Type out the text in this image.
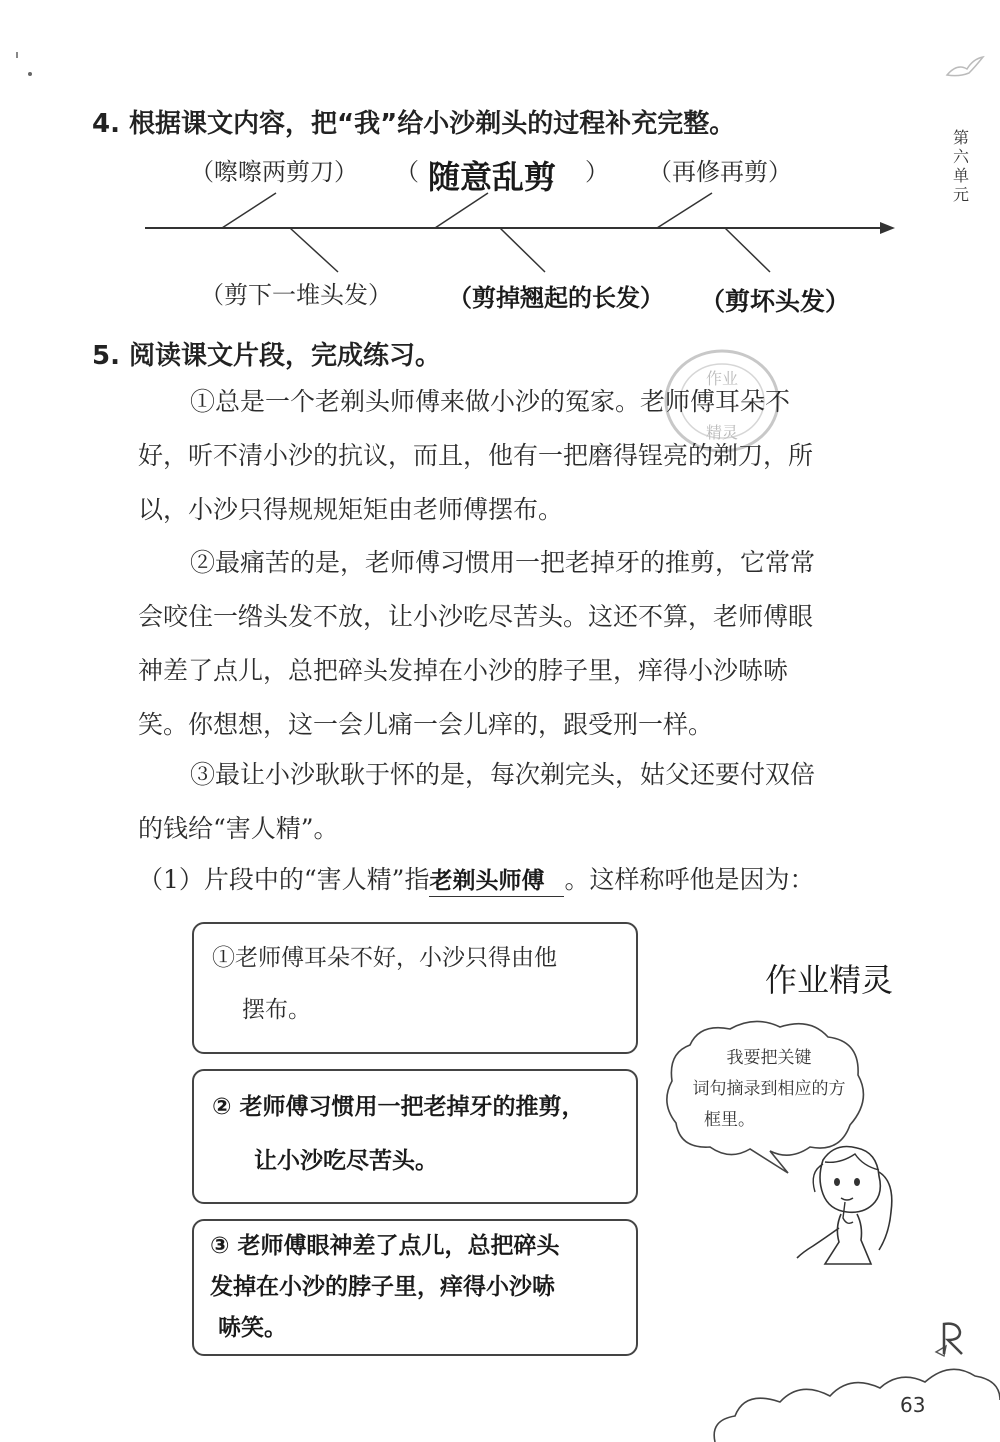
第六单元
4. 根据课文内容，把“我”给小沙剃头的过程补充完整。
（嚓嚓两剪刀） （ 随意乱剪 ） （再修再剪）
（剪下一堆头发） （剪掉翘起的长发） （剪坏头发）
5. 阅读课文片段，完成练习。
作业
精灵
①总是一个老剃头师傅来做小沙的冤家。老师傅耳朵不
好，听不清小沙的抗议，而且，他有一把磨得锃亮的剃刀，所
以，小沙只得规规矩矩由老师傅摆布。
②最痛苦的是，老师傅习惯用一把老掉牙的推剪，它常常
会咬住一绺头发不放，让小沙吃尽苦头。这还不算，老师傅眼
神差了点儿，总把碎头发掉在小沙的脖子里，痒得小沙哧哧
笑。你想想，这一会儿痛一会儿痒的，跟受刑一样。
③最让小沙耿耿于怀的是，每次剃完头，姑父还要付双倍
的钱给“害人精”。
（1）片段中的“害人精”指老剃头师傅 。这样称呼他是因为：
①老师傅耳朵不好，小沙只得由他
摆布。
② 老师傅习惯用一把老掉牙的推剪，
让小沙吃尽苦头。
③ 老师傅眼神差了点儿，总把碎头
发掉在小沙的脖子里，痒得小沙哧
哧笑。
作业精灵
我要把关键
词句摘录到相应的方
框里。
63
